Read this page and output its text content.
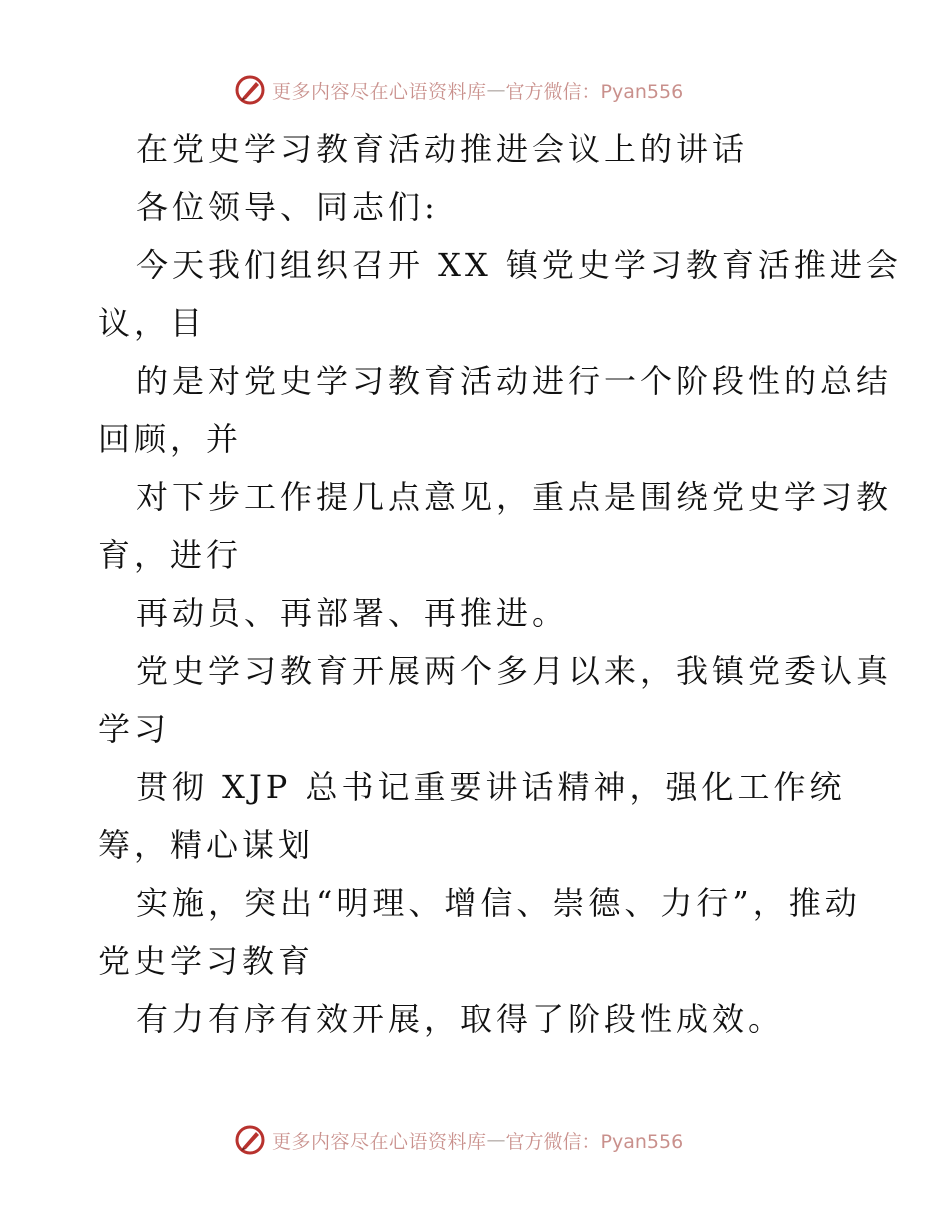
更多内容尽在心语资料库 — 官方微信：Pyan556
在党史学习教育活动推进会议上的讲话
各位领导、同志们:
今天我们组织召开 XX 镇党史学习教育活推进会
议，目
的是对党史学习教育活动进行一个阶段性的总结
回顾，并
对下步工作提几点意见，重点是围绕党史学习教
育，进行
再动员、再部署、再推进。
党史学习教育开展两个多月以来，我镇党委认真
学习
贯彻 XJP 总书记重要讲话精神，强化工作统
筹，精心谋划
实施，突出“明理、增信、崇德、力行”，推动
党史学习教育
有力有序有效开展，取得了阶段性成效。
更多内容尽在心语资料库 — 官方微信：Pyan556
